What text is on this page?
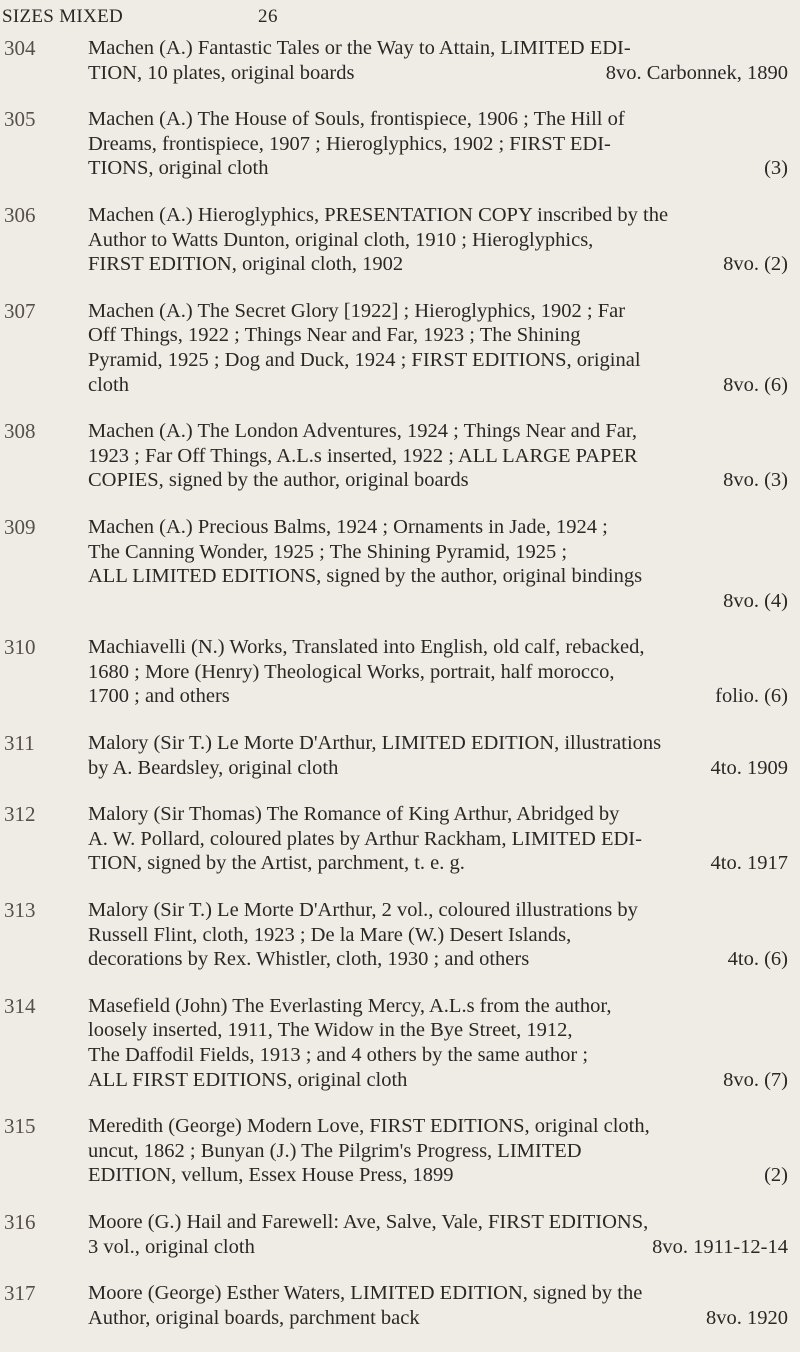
SIZES MIXED	26
304	Machen (A.) Fantastic Tales or the Way to Attain, LIMITED EDI-
TION, 10 plates, original boards	8vo. Carbonnek, 1890
305	Machen (A.) The House of Souls, frontispiece, 1906 ; The Hill of
Dreams, frontispiece, 1907 ; Hieroglyphics, 1902 ; FIRST EDI-
TIONS, original cloth	(3)
306	Machen (A.) Hieroglyphics, PRESENTATION COPY inscribed by the
Author to Watts Dunton, original cloth, 1910 ; Hieroglyphics,
FIRST EDITION, original cloth, 1902	8vo. (2)
307	Machen (A.) The Secret Glory [1922] ; Hieroglyphics, 1902 ; Far
Off Things, 1922 ; Things Near and Far, 1923 ; The Shining
Pyramid, 1925 ; Dog and Duck, 1924 ; FIRST EDITIONS, original
cloth	8vo. (6)
308	Machen (A.) The London Adventures, 1924 ; Things Near and Far,
1923 ; Far Off Things, A.L.s inserted, 1922 ; ALL LARGE PAPER
COPIES, signed by the author, original boards	8vo. (3)
309	Machen (A.) Precious Balms, 1924 ; Ornaments in Jade, 1924 ;
The Canning Wonder, 1925 ; The Shining Pyramid, 1925 ;
ALL LIMITED EDITIONS, signed by the author, original bindings
8vo. (4)
310	Machiavelli (N.) Works, Translated into English, old calf, rebacked,
1680 ; More (Henry) Theological Works, portrait, half morocco,
1700 ; and others	folio. (6)
311	Malory (Sir T.) Le Morte D'Arthur, LIMITED EDITION, illustrations
by A. Beardsley, original cloth	4to. 1909
312	Malory (Sir Thomas) The Romance of King Arthur, Abridged by
A. W. Pollard, coloured plates by Arthur Rackham, LIMITED EDI-
TION, signed by the Artist, parchment, t. e. g.	4to. 1917
313	Malory (Sir T.) Le Morte D'Arthur, 2 vol., coloured illustrations by
Russell Flint, cloth, 1923 ; De la Mare (W.) Desert Islands,
decorations by Rex. Whistler, cloth, 1930 ; and others	4to. (6)
314	Masefield (John) The Everlasting Mercy, A.L.s from the author,
loosely inserted, 1911, The Widow in the Bye Street, 1912,
The Daffodil Fields, 1913 ; and 4 others by the same author ;
ALL FIRST EDITIONS, original cloth	8vo. (7)
315	Meredith (George) Modern Love, FIRST EDITIONS, original cloth,
uncut, 1862 ; Bunyan (J.) The Pilgrim's Progress, LIMITED
EDITION, vellum, Essex House Press, 1899	(2)
316	Moore (G.) Hail and Farewell: Ave, Salve, Vale, FIRST EDITIONS,
3 vol., original cloth	8vo. 1911-12-14
317	Moore (George) Esther Waters, LIMITED EDITION, signed by the
Author, original boards, parchment back	8vo. 1920
